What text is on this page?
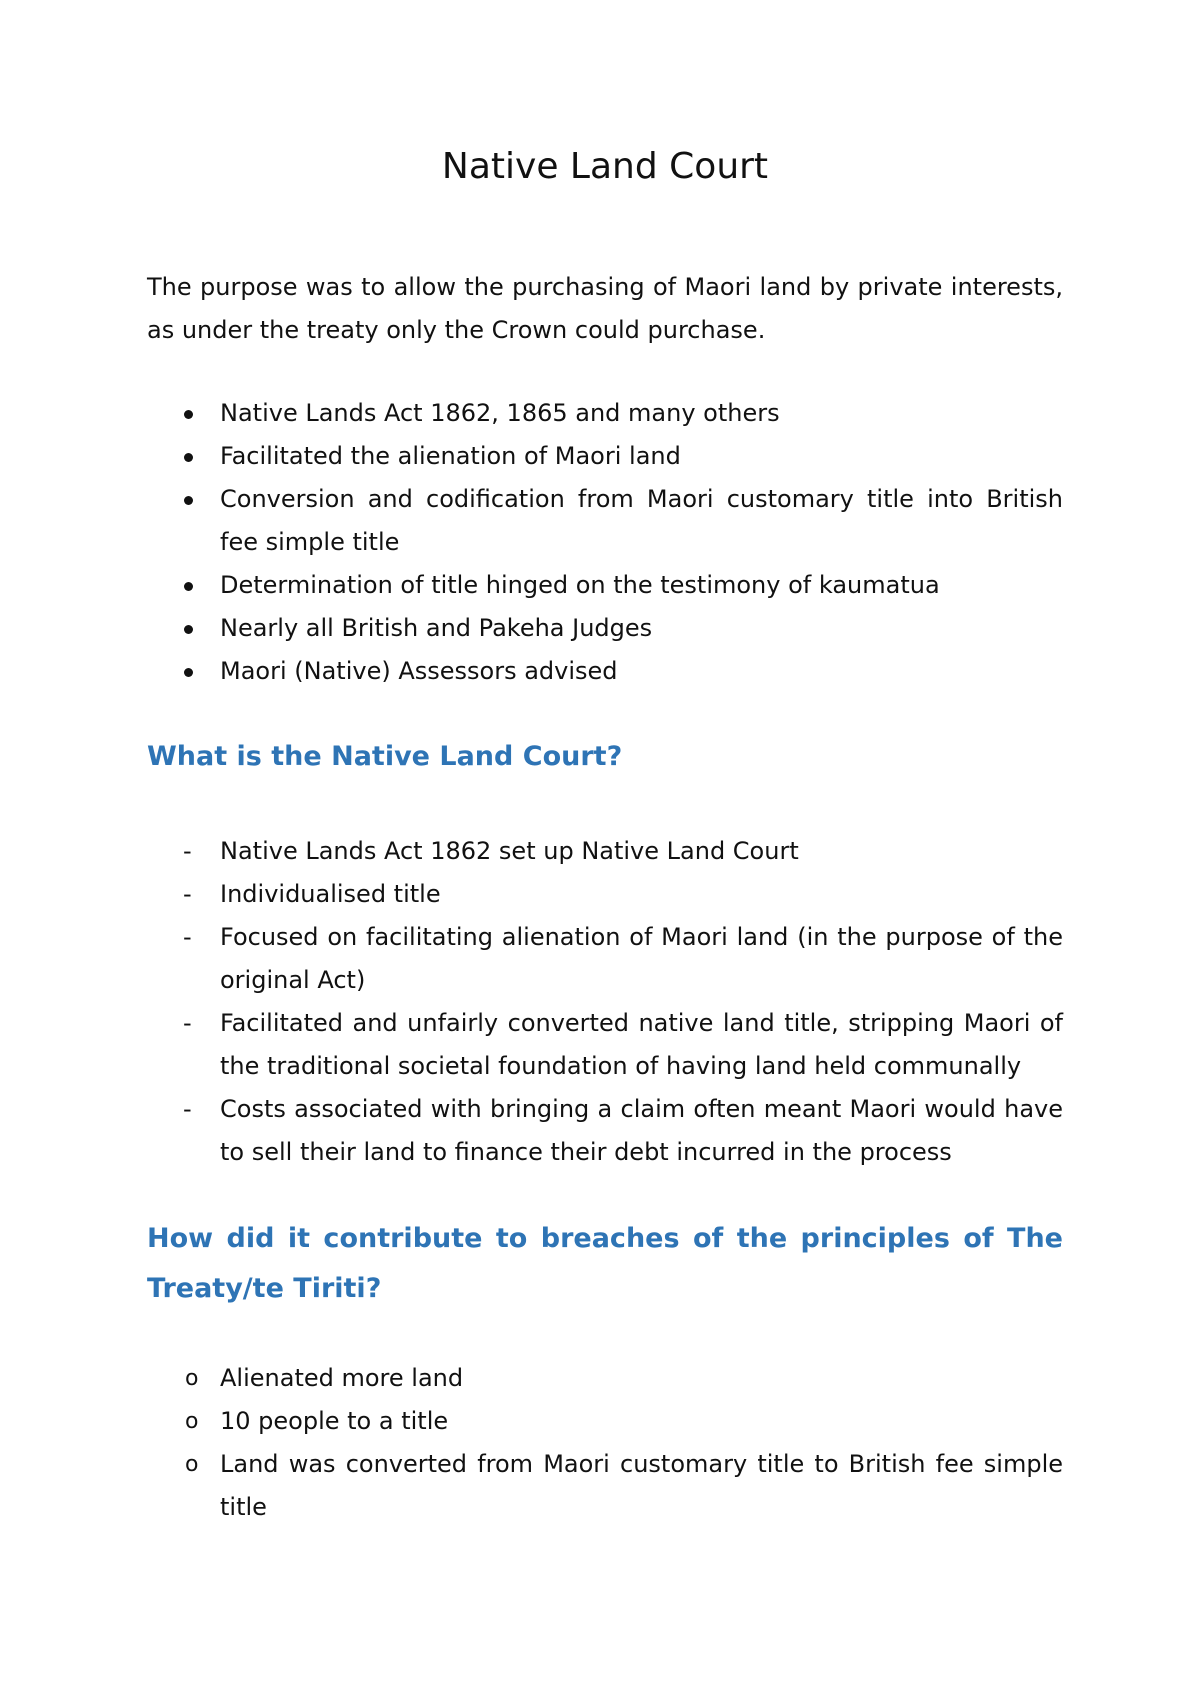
Native Land Court

The purpose was to allow the purchasing of Maori land by private interests, as under the treaty only the Crown could purchase.

Native Lands Act 1862, 1865 and many others
Facilitated the alienation of Maori land
Conversion and codification from Maori customary title into British fee simple title
Determination of title hinged on the testimony of kaumatua
Nearly all British and Pakeha Judges
Maori (Native) Assessors advised
What is the Native Land Court?
-	Native Lands Act 1862 set up Native Land Court
-	Individualised title
-	Focused on facilitating alienation of Maori land (in the purpose of the original Act)
-	Facilitated and unfairly converted native land title, stripping Maori of the traditional societal foundation of having land held communally
-	Costs associated with bringing a claim often meant Maori would have to sell their land to finance their debt incurred in the process
How did it contribute to breaches of the principles of The Treaty/te Tiriti?
o Alienated more land
o 10 people to a title
o Land was converted from Maori customary title to British fee simple title
